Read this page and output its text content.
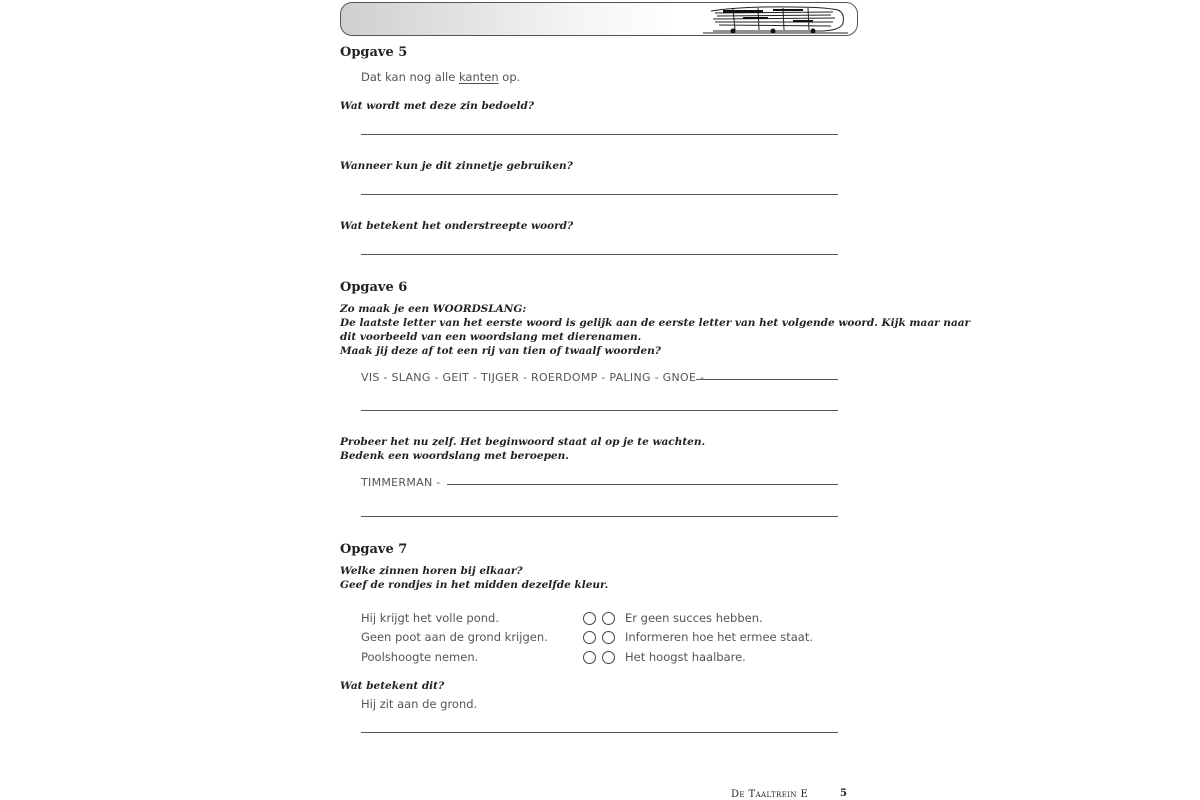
Opgave 5
Dat kan nog alle kanten op.
Wat wordt met deze zin bedoeld?
Wanneer kun je dit zinnetje gebruiken?
Wat betekent het onderstreepte woord?
Opgave 6
Zo maak je een WOORDSLANG:
De laatste letter van het eerste woord is gelijk aan de eerste letter van het volgende woord. Kijk maar naar
dit voorbeeld van een woordslang met dierenamen.
Maak jij deze af tot een rij van tien of twaalf woorden?
VIS - SLANG - GEIT - TIJGER - ROERDOMP - PALING - GNOE -
Probeer het nu zelf. Het beginwoord staat al op je te wachten.
Bedenk een woordslang met beroepen.
TIMMERMAN -
Opgave 7
Welke zinnen horen bij elkaar?
Geef de rondjes in het midden dezelfde kleur.
Hij krijgt het volle pond.
Geen poot aan de grond krijgen.
Poolshoogte nemen.
Er geen succes hebben.
Informeren hoe het ermee staat.
Het hoogst haalbare.
Wat betekent dit?
Hij zit aan de grond.
De Taaltrein E	5
